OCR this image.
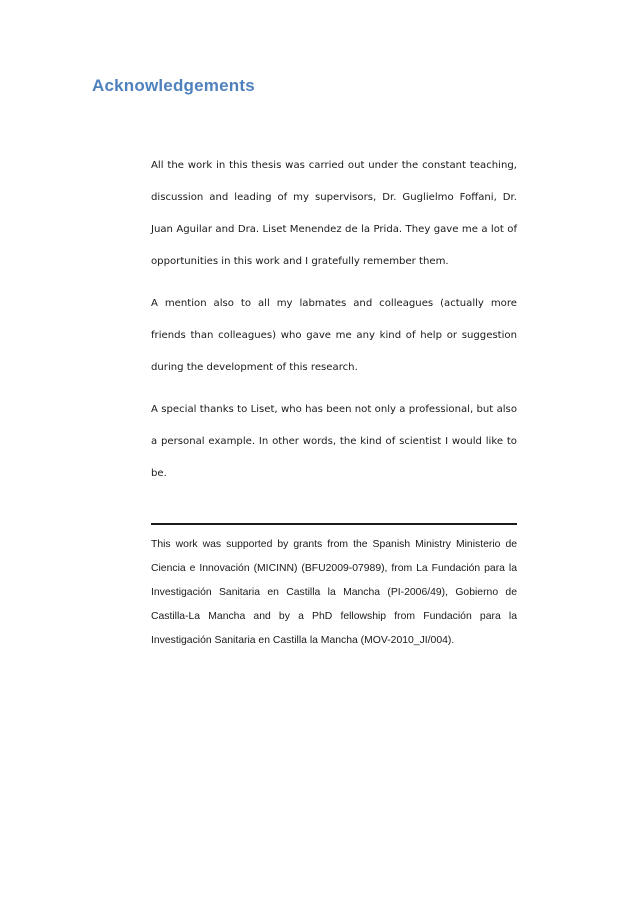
Acknowledgements

All the work in this thesis was carried out under the constant teaching, discussion and leading of my supervisors, Dr. Guglielmo Foffani, Dr. Juan Aguilar and Dra. Liset Menendez de la Prida. They gave me a lot of opportunities in this work and I gratefully remember them.

A mention also to all my labmates and colleagues (actually more friends than colleagues) who gave me any kind of help or suggestion during the development of this research.

A special thanks to Liset, who has been not only a professional, but also a personal example. In other words, the kind of scientist I would like to be.

This work was supported by grants from the Spanish Ministry Ministerio de Ciencia e Innovación (MICINN) (BFU2009-07989), from La Fundación para la Investigación Sanitaria en Castilla la Mancha (PI-2006/49), Gobierno de Castilla-La Mancha and by a PhD fellowship from Fundación para la Investigación Sanitaria en Castilla la Mancha (MOV-2010_JI/004).
